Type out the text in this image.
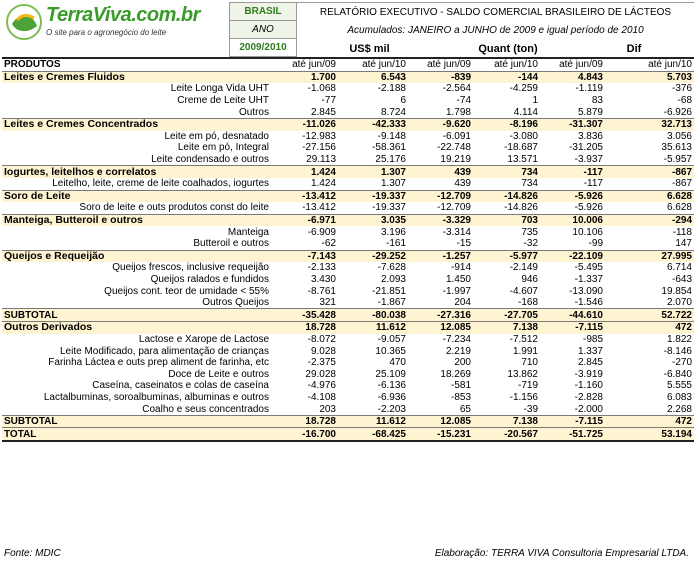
TerraViva.com.br
O site para o agronegócio do leite
BRASIL
ANO
2009/2010
RELATÓRIO EXECUTIVO - SALDO COMERCIAL BRASILEIRO DE LÁCTEOS
Acumulados: JANEIRO a JUNHO de 2009 e igual período de 2010
US$ mil	Quant (ton)	Dif
PRODUTOS	até jun/09	até jun/10	até jun/09	até jun/10	até jun/09	até jun/10
Leites e Cremes Fluidos	1.700	6.543	-839	-144	4.843	5.703
Leite Longa Vida UHT	-1.068	-2.188	-2.564	-4.259	-1.119	-376
Creme de Leite UHT	-77	6	-74	1	83	-68
Outros	2.845	8.724	1.798	4.114	5.879	-6.926
Leites e Cremes Concentrados	-11.026	-42.333	-9.620	-8.196	-31.307	32.713
Leite em pó, desnatado	-12.983	-9.148	-6.091	-3.080	3.836	3.056
Leite em pó, Integral	-27.156	-58.361	-22.748	-18.687	-31.205	35.613
Leite condensado e outros	29.113	25.176	19.219	13.571	-3.937	-5.957
Iogurtes, leitelhos e correlatos	1.424	1.307	439	734	-117	-867
Leitelho, leite, creme de leite coalhados, iogurtes	1.424	1.307	439	734	-117	-867
Soro de Leite	-13.412	-19.337	-12.709	-14.826	-5.926	6.628
Soro de leite e outs produtos const do leite	-13.412	-19.337	-12.709	-14.826	-5.926	6.628
Manteiga, Butteroil e outros	-6.971	3.035	-3.329	703	10.006	-294
Manteiga	-6.909	3.196	-3.314	735	10.106	-118
Butteroil e outros	-62	-161	-15	-32	-99	147
Queijos e Requeijão	-7.143	-29.252	-1.257	-5.977	-22.109	27.995
Queijos frescos, inclusive requeijão	-2.133	-7.628	-914	-2.149	-5.495	6.714
Queijos ralados e fundidos	3.430	2.093	1.450	946	-1.337	-643
Queijos cont. teor de umidade < 55%	-8.761	-21.851	-1.997	-4.607	-13.090	19.854
Outros Queijos	321	-1.867	204	-168	-1.546	2.070
SUBTOTAL	-35.428	-80.038	-27.316	-27.705	-44.610	52.722
Outros Derivados	18.728	11.612	12.085	7.138	-7.115	472
Lactose e Xarope de Lactose	-8.072	-9.057	-7.234	-7.512	-985	1.822
Leite Modificado, para alimentação de crianças	9.028	10.365	2.219	1.991	1.337	-8.146
Farinha Láctea e outs prep aliment de farinha, etc	-2.375	470	200	710	2.845	-270
Doce de Leite e outros	29.028	25.109	18.269	13.862	-3.919	-6.840
Caseína, caseinatos e colas de caseína	-4.976	-6.136	-581	-719	-1.160	5.555
Lactalbuminas, soroalbuminas, albuminas e outros	-4.108	-6.936	-853	-1.156	-2.828	6.083
Coalho e seus concentrados	203	-2.203	65	-39	-2.000	2.268
SUBTOTAL	18.728	11.612	12.085	7.138	-7.115	472
TOTAL	-16.700	-68.425	-15.231	-20.567	-51.725	53.194
Fonte: MDIC	Elaboração: TERRA VIVA Consultoria Empresarial LTDA.
